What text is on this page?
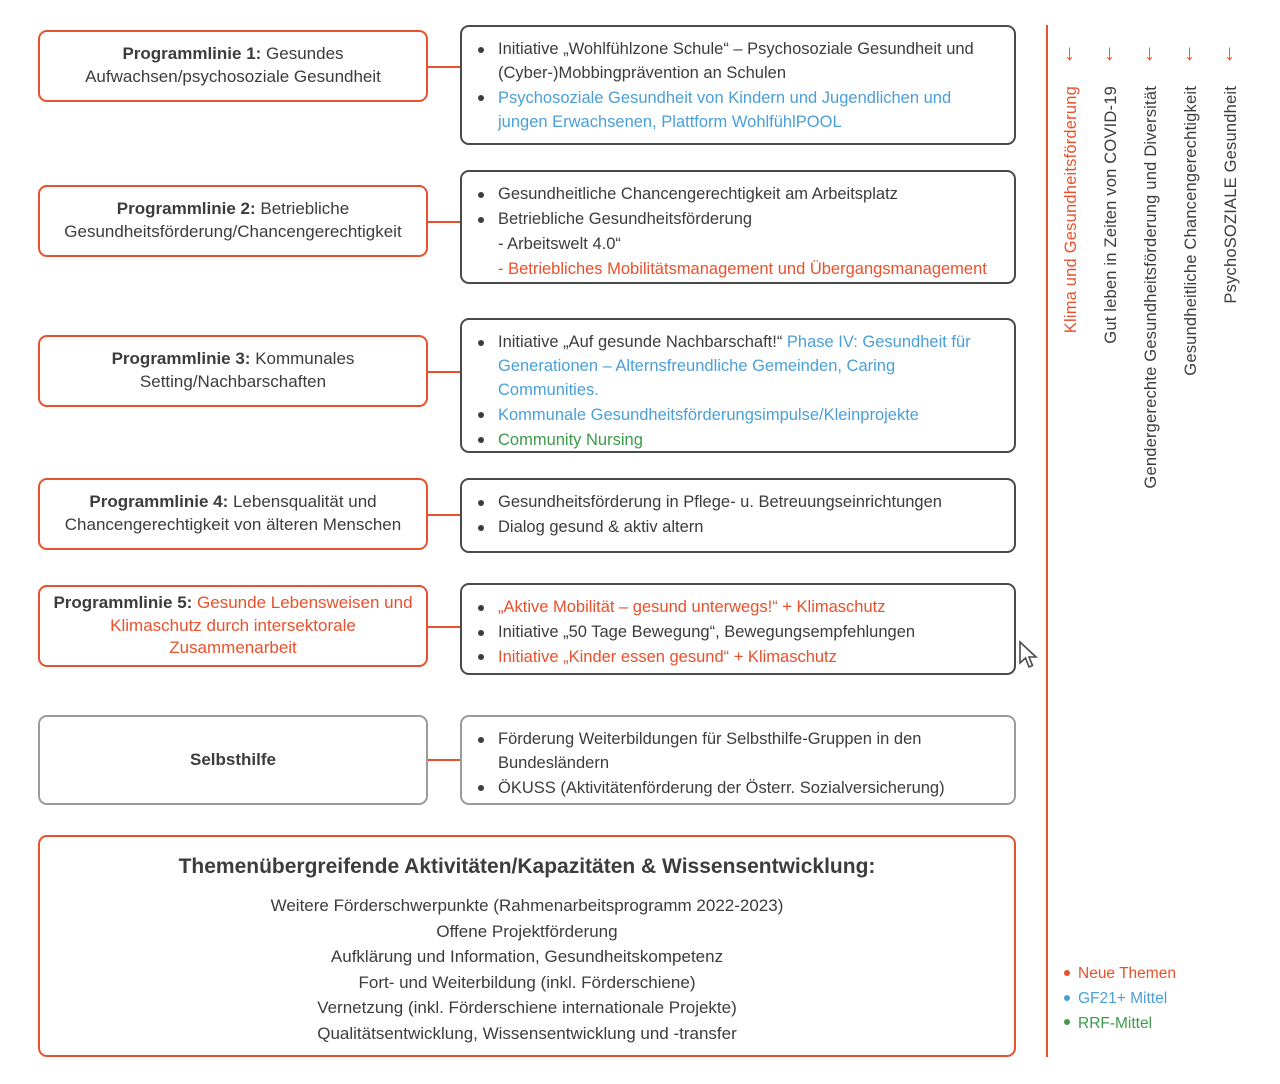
Programmlinie 1: Gesundes Aufwachsen/psychosoziale Gesundheit
Initiative „Wohlfühlzone Schule“ – Psychosoziale Gesundheit und (Cyber-)Mobbingprävention an Schulen
Psychosoziale Gesundheit von Kindern und Jugendlichen und jungen Erwachsenen, Plattform WohlfühlPOOL
Programmlinie 2: Betriebliche Gesundheitsförderung/Chancengerechtigkeit
Gesundheitliche Chancengerechtigkeit am Arbeitsplatz
Betriebliche Gesundheitsförderung
- Arbeitswelt 4.0“
- Betriebliches Mobilitätsmanagement und Übergangsmanagement
Programmlinie 3: Kommunales Setting/Nachbarschaften
Initiative „Auf gesunde Nachbarschaft!“ Phase IV: Gesundheit für Generationen – Alternsfreundliche Gemeinden, Caring Communities.
Kommunale Gesundheitsförderungsimpulse/Kleinprojekte
Community Nursing
Programmlinie 4: Lebensqualität und Chancengerechtigkeit von älteren Menschen
Gesundheitsförderung in Pflege- u. Betreuungseinrichtungen
Dialog gesund & aktiv altern
Programmlinie 5: Gesunde Lebensweisen und Klimaschutz durch intersektorale Zusammenarbeit
„Aktive Mobilität – gesund unterwegs!“ + Klimaschutz
Initiative „50 Tage Bewegung“, Bewegungsempfehlungen
Initiative „Kinder essen gesund“ + Klimaschutz
Selbsthilfe
Förderung Weiterbildungen für Selbsthilfe-Gruppen in den Bundesländern
ÖKUSS (Aktivitätenförderung der Österr. Sozialversicherung)
Themenübergreifende Aktivitäten/Kapazitäten & Wissensentwicklung:
Weitere Förderschwerpunkte (Rahmenarbeitsprogramm 2022-2023)
Offene Projektförderung
Aufklärung und Information, Gesundheitskompetenz
Fort- und Weiterbildung (inkl. Förderschiene)
Vernetzung (inkl. Förderschiene internationale Projekte)
Qualitätsentwicklung, Wissensentwicklung und -transfer
↓
Klima und Gesundheitsförderung
↓
Gut leben in Zeiten von COVID-19
↓
Gendergerechte Gesundheitsförderung und Diversität
↓
Gesundheitliche Chancengerechtigkeit
↓
PsychoSOZIALE Gesundheit
Neue Themen
GF21+ Mittel
RRF-Mittel
